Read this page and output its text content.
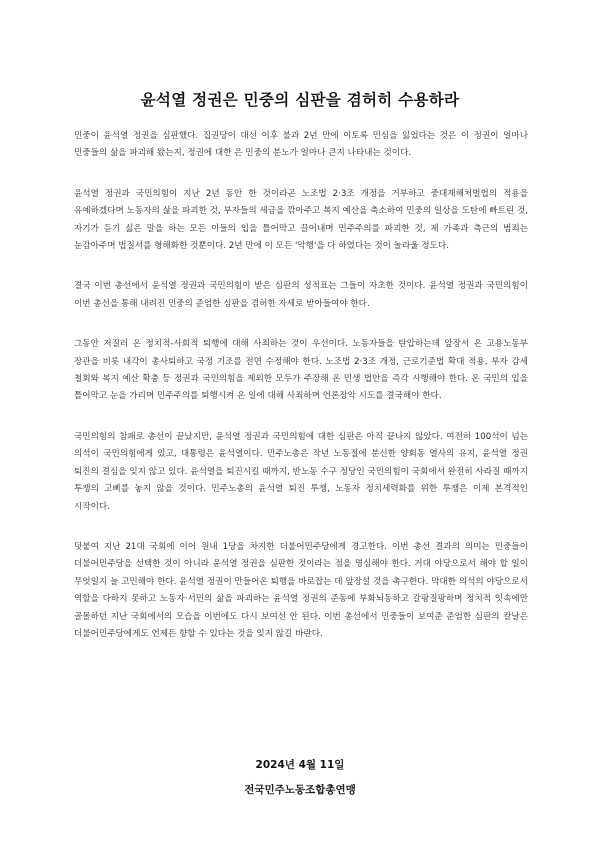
윤석열 정권은 민중의 심판을 겸허히 수용하라

민중이 윤석열 정권을 심판했다. 집권당이 대선 이후 불과 2년 만에 이토록 민심을 잃었다는 것은 이 정권이 얼마나 민중들의 삶을 파괴해 왔는지, 정권에 대한 은 민중의 분노가 얼마나 큰지 나타내는 것이다.

윤석열 정권과 국민의힘이 지난 2년 동안 한 것이라곤 노조법 2·3조 개정을 거부하고 중대재해처벌법의 적용을 유예하겠다며 노동자의 삶을 파괴한 것, 부자들의 세금을 깎아주고 복지 예산을 축소하여 민중의 일상을 도탄에 빠트린 것, 자기가 듣기 싫은 말을 하는 모든 이들의 입을 틀어막고 끌어내며 민주주의를 파괴한 것, 제 가족과 측근의 범죄는 눈감아주며 법질서를 형해화한 것뿐이다. 2년 만에 이 모든 '악행'을 다 하였다는 것이 놀라울 정도다.

결국 이번 총선에서 윤석열 정권과 국민의힘이 받은 심판의 성적표는 그들이 자초한 것이다. 윤석열 정권과 국민의힘이 이번 총선을 통해 내려진 민중의 준엄한 심판을 겸허한 자세로 받아들여야 한다.

그동안 저질러 온 정치적-사회적 퇴행에 대해 사죄하는 것이 우선이다. 노동자들을 탄압하는데 앞장서 온 고용노동부 장관을 비롯 내각이 총사퇴하고 국정 기조를 전면 수정해야 한다. 노조법 2·3조 개정, 근로기준법 확대 적용, 부자 감세 철회와 복지 예산 확충 등 정권과 국민의힘을 제외한 모두가 주장해 온 민생 법안을 즉각 시행해야 한다. 온 국민의 입을 틀어막고 눈을 가리며 민주주의를 퇴행시켜 온 일에 대해 사죄하며 언론장악 시도를 결국해야 한다.

국민의힘의 참패로 총선이 끝났지만, 윤석열 정권과 국민의힘에 대한 심판은 아직 끝나지 않았다. 여전히 100석이 넘는 의석이 국민의힘에게 있고, 대통령은 윤석열이다. 민주노총은 작년 노동절에 분신한 양회동 열사의 유지, 윤석열 정권 퇴진의 결심을 잊지 않고 있다. 윤석열을 퇴진시킬 때까지, 반노동 수구 정당인 국민의힘이 국회에서 완전히 사라질 때까지 투쟁의 고삐를 놓지 않을 것이다. 민주노총의 윤석열 퇴진 투쟁, 노동자 정치세력화를 위한 투쟁은 이제 본격적인 시작이다.

덧붙여 지난 21대 국회에 이어 원내 1당을 차지한 더불어민주당에게 경고한다. 이번 총선 결과의 의미는 민중들이 더불어민주당을 선택한 것이 아니라 윤석열 정권을 심판한 것이라는 점을 명심해야 한다. 거대 야당으로서 해야 할 일이 무엇일지 늘 고민해야 한다. 윤석열 정권이 만들어온 퇴행을 바로잡는 데 앞장설 것을 촉구한다. 막대한 의석의 야당으로서 역할을 다하지 못하고 노동자·서민의 삶을 파괴하는 윤석열 정권의 준동에 부화뇌동하고 갈팡질팡하며 정치적 잇속에만 골몰하던 지난 국회에서의 모습을 이번에도 다시 보여선 안 된다. 이번 총선에서 민중들이 보여준 준엄한 심판의 칼날은 더불어민주당에게도 언제든 향할 수 있다는 것을 잊지 않길 바란다.

2024년 4월 11일

전국민주노동조합총연맹
